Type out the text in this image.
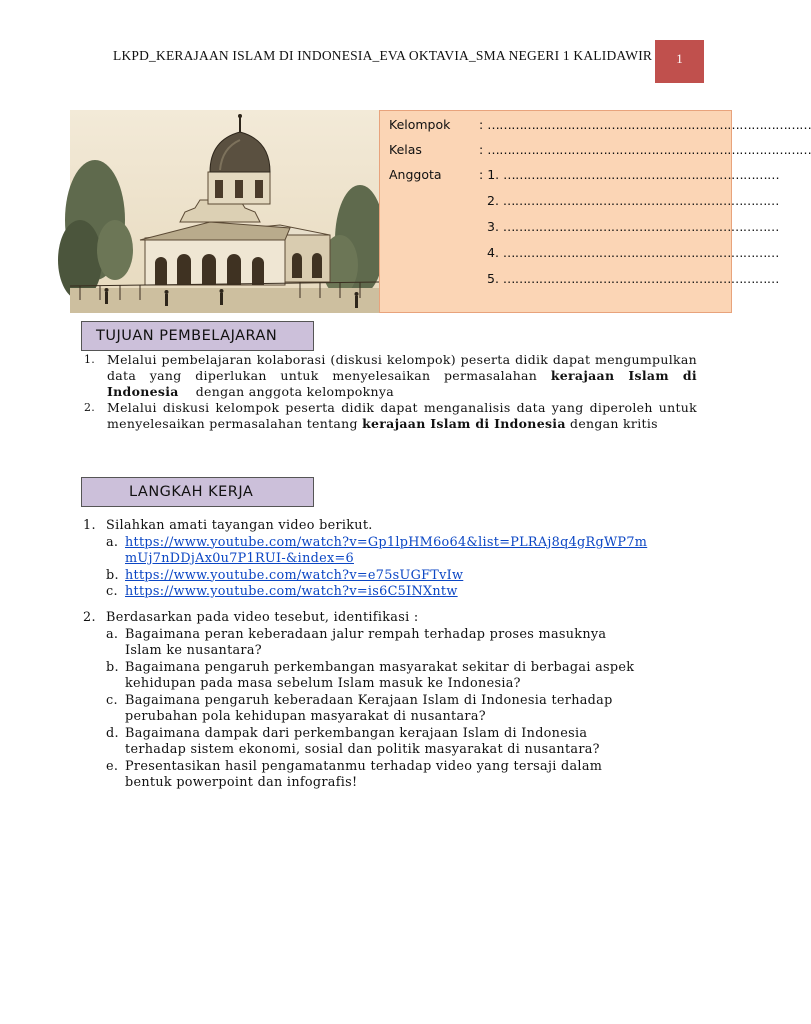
LKPD_KERAJAAN ISLAM DI INDONESIA_EVA OKTAVIA_SMA NEGERI 1 KALIDAWIR	1
Kelompok : ………………………………………………………………………
Kelas	: ………………………………………………………………………
Anggota	: 1. ……………………………………………………………
2. ……………………………………………………………
3. ……………………………………………………………
4. ……………………………………………………………
5. ……………………………………………………………
TUJUAN PEMBELAJARAN
1. Melalui pembelajaran kolaborasi (diskusi kelompok) peserta didik dapat mengumpulkan data yang diperlukan untuk menyelesaikan permasalahan kerajaan Islam di Indonesia dengan anggota kelompoknya
2. Melalui diskusi kelompok peserta didik dapat menganalisis data yang diperoleh untuk menyelesaikan permasalahan tentang kerajaan Islam di Indonesia dengan kritis
LANGKAH KERJA
1. Silahkan amati tayangan video berikut.
a. https://www.youtube.com/watch?v=Gp1lpHM6o64&list=PLRAj8q4gRgWP7m
mUj7nDDjAx0u7P1RUI-&index=6
b. https://www.youtube.com/watch?v=e75sUGFTvIw
c. https://www.youtube.com/watch?v=is6C5INXntw
2. Berdasarkan pada video tesebut, identifikasi :
a. Bagaimana peran keberadaan jalur rempah terhadap proses masuknya
Islam ke nusantara?
b. Bagaimana pengaruh perkembangan masyarakat sekitar di berbagai aspek
kehidupan pada masa sebelum Islam masuk ke Indonesia?
c. Bagaimana pengaruh keberadaan Kerajaan Islam di Indonesia terhadap
perubahan pola kehidupan masyarakat di nusantara?
d. Bagaimana dampak dari perkembangan kerajaan Islam di Indonesia
terhadap sistem ekonomi, sosial dan politik masyarakat di nusantara?
e. Presentasikan hasil pengamatanmu terhadap video yang tersaji dalam
bentuk powerpoint dan infografis!
